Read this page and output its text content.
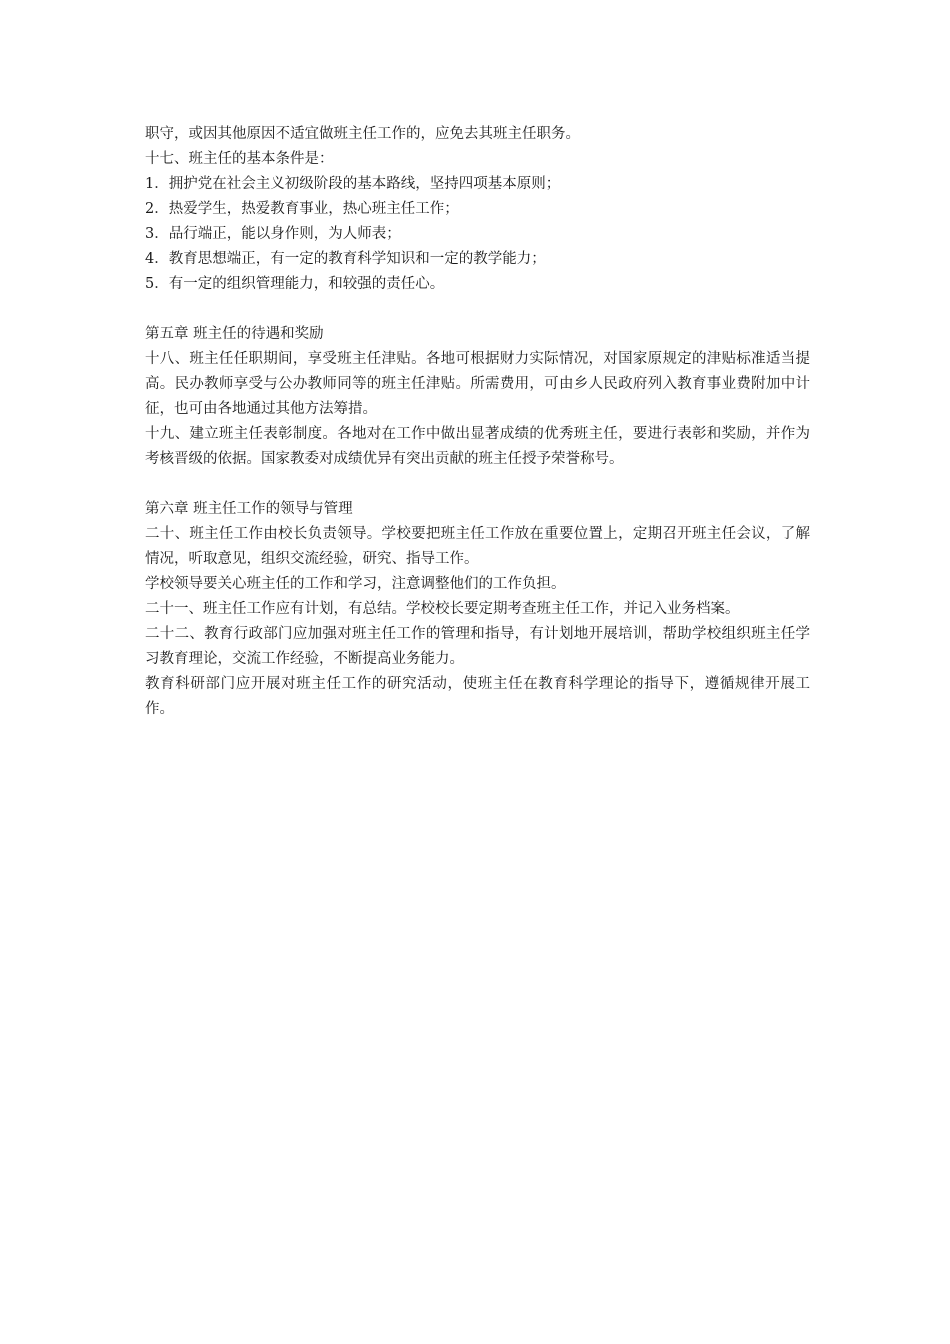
职守，或因其他原因不适宜做班主任工作的，应免去其班主任职务。

十七、班主任的基本条件是：

1．拥护党在社会主义初级阶段的基本路线，坚持四项基本原则；

2．热爱学生，热爱教育事业，热心班主任工作；

3．品行端正，能以身作则，为人师表；

4．教育思想端正，有一定的教育科学知识和一定的教学能力；

5．有一定的组织管理能力，和较强的责任心。

第五章 班主任的待遇和奖励

十八、班主任任职期间，享受班主任津贴。各地可根据财力实际情况，对国家原规定的津贴标准适当提高。民办教师享受与公办教师同等的班主任津贴。所需费用，可由乡人民政府列入教育事业费附加中计征，也可由各地通过其他方法筹措。

十九、建立班主任表彰制度。各地对在工作中做出显著成绩的优秀班主任，要进行表彰和奖励，并作为考核晋级的依据。国家教委对成绩优异有突出贡献的班主任授予荣誉称号。

第六章 班主任工作的领导与管理

二十、班主任工作由校长负责领导。学校要把班主任工作放在重要位置上，定期召开班主任会议，了解情况，听取意见，组织交流经验，研究、指导工作。

学校领导要关心班主任的工作和学习，注意调整他们的工作负担。

二十一、班主任工作应有计划，有总结。学校校长要定期考查班主任工作，并记入业务档案。

二十二、教育行政部门应加强对班主任工作的管理和指导，有计划地开展培训，帮助学校组织班主任学习教育理论，交流工作经验，不断提高业务能力。

教育科研部门应开展对班主任工作的研究活动，使班主任在教育科学理论的指导下，遵循规律开展工作。
